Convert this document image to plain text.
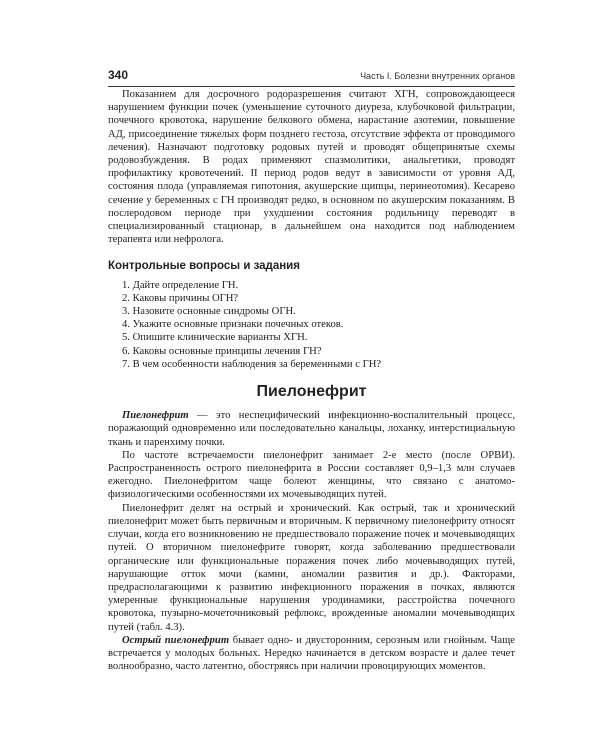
340	Часть I. Болезни внутренних органов

Показанием для досрочного родоразрешения считают ХГН, сопровождающееся нарушением функции почек (уменьшение суточного диуреза, клубочковой фильтрации, почечного кровотока, нарушение белкового обмена, нарастание азотемии, повышение АД, присоединение тяжелых форм позднего гестоза, отсутствие эффекта от проводимого лечения). Назначают подготовку родовых путей и проводят общепринятые схемы родовозбуждения. В родах применяют спазмолитики, анальгетики, проводят профилактику кровотечений. II период родов ведут в зависимости от уровня АД, состояния плода (управляемая гипотония, акушерские щипцы, перинеотомия). Кесарево сечение у беременных с ГН производят редко, в основном по акушерским показаниям. В послеродовом периоде при ухудшении состояния родильницу переводят в специализированный стационар, в дальнейшем она находится под наблюдением терапевта или нефролога.

Контрольные вопросы и задания
1. Дайте определение ГН.
2. Каковы причины ОГН?
3. Назовите основные синдромы ОГН.
4. Укажите основные признаки почечных отеков.
5. Опишите клинические варианты ХГН.
6. Каковы основные принципы лечения ГН?
7. В чем особенности наблюдения за беременными с ГН?
Пиелонефрит

Пиелонефрит — это неспецифический инфекционно-воспалительный процесс, поражающий одновременно или последовательно канальцы, лоханку, интерстициальную ткань и паренхиму почки.

По частоте встречаемости пиелонефрит занимает 2-е место (после ОРВИ). Распространенность острого пиелонефрита в России составляет 0,9–1,3 млн случаев ежегодно. Пиелонефритом чаще болеют женщины, что связано с анатомо-физиологическими особенностями их мочевыводящих путей.

Пиелонефрит делят на острый и хронический. Как острый, так и хронический пиелонефрит может быть первичным и вторичным. К первичному пиелонефриту относят случаи, когда его возникновению не предшествовало поражение почек и мочевыводящих путей. О вторичном пиелонефрите говорят, когда заболеванию предшествовали органические или функциональные поражения почек либо мочевыводящих путей, нарушающие отток мочи (камни, аномалии развития и др.). Факторами, предрасполагающими к развитию инфекционного поражения в почках, являются умеренные функциональные нарушения уродинамики, расстройства почечного кровотока, пузырно-мочеточниковый рефлюкс, врожденные аномалии мочевыводящих путей (табл. 4.3).

Острый пиелонефрит бывает одно- и двусторонним, серозным или гнойным. Чаще встречается у молодых больных. Нередко начинается в детском возрасте и далее течет волнообразно, часто латентно, обостряясь при наличии провоцирующих моментов.
